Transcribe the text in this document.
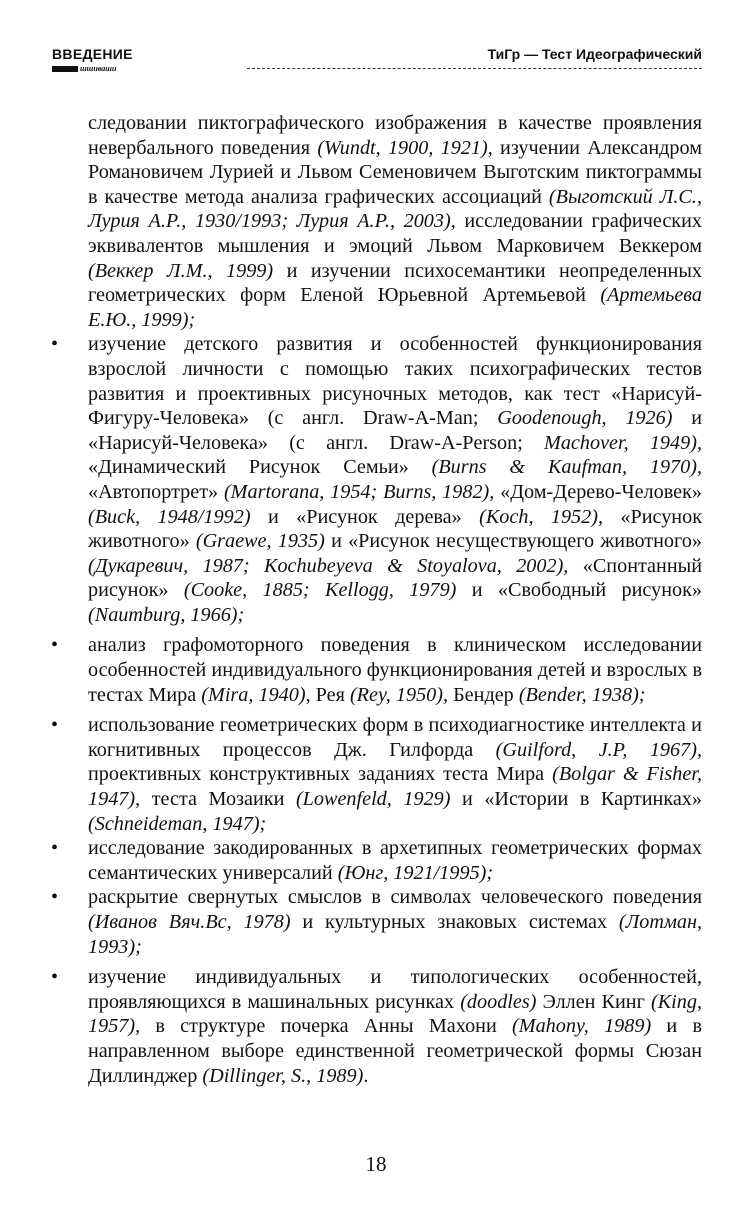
ВВЕДЕНИЕ
шшиваши
ТиГр — Тест Идеографический

следовании пиктографического изображения в качестве проявления невербального поведения (Wundt, 1900, 1921), изучении Александром Романовичем Лурией и Львом Семеновичем Выготским пиктограммы в качестве метода анализа графических ассоциаций (Выготский Л.С., Лурия А.Р., 1930/1993; Лурия А.Р., 2003), исследовании графических эквивалентов мышления и эмоций Львом Марковичем Веккером (Веккер Л.М., 1999) и изучении психосемантики неопределенных геометрических форм Еленой Юрьевной Артемьевой (Артемьева Е.Ю., 1999);

• изучение детского развития и особенностей функционирования взрослой личности с помощью таких психографических тестов развития и проективных рисуночных методов, как тест «Нарисуй-Фигуру-Человека» (с англ. Draw-A-Man; Goodenough, 1926) и «Нарисуй-Человека» (с англ. Draw-A-Person; Machover, 1949), «Динамический Рисунок Семьи» (Burns & Kaufman, 1970), «Автопортрет» (Martorana, 1954; Burns, 1982), «Дом-Дерево-Человек» (Buck, 1948/1992) и «Рисунок дерева» (Koch, 1952), «Рисунок животного» (Graewe, 1935) и «Рисунок несуществующего животного» (Дукаревич, 1987; Kochubeyeva & Stoyalova, 2002), «Спонтанный рисунок» (Cooke, 1885; Kellogg, 1979) и «Свободный рисунок» (Naumburg, 1966);

• анализ графомоторного поведения в клиническом исследовании особенностей индивидуального функционирования детей и взрослых в тестах Мира (Mira, 1940), Рея (Rey, 1950), Бендер (Bender, 1938);

• использование геометрических форм в психодиагностике интеллекта и когнитивных процессов Дж. Гилфорда (Guilford, J.P, 1967), проективных конструктивных заданиях теста Мира (Bolgar & Fisher, 1947), теста Мозаики (Lowenfeld, 1929) и «Истории в Картинках» (Schneideman, 1947);

• исследование закодированных в архетипных геометрических формах семантических универсалий (Юнг, 1921/1995);

• раскрытие свернутых смыслов в символах человеческого поведения (Иванов Вяч.Вс, 1978) и культурных знаковых системах (Лотман, 1993);

• изучение индивидуальных и типологических особенностей, проявляющихся в машинальных рисунках (doodles) Эллен Кинг (King, 1957), в структуре почерка Анны Махони (Mahony, 1989) и в направленном выборе единственной геометрической формы Сюзан Диллинджер (Dillinger, S., 1989).

18
